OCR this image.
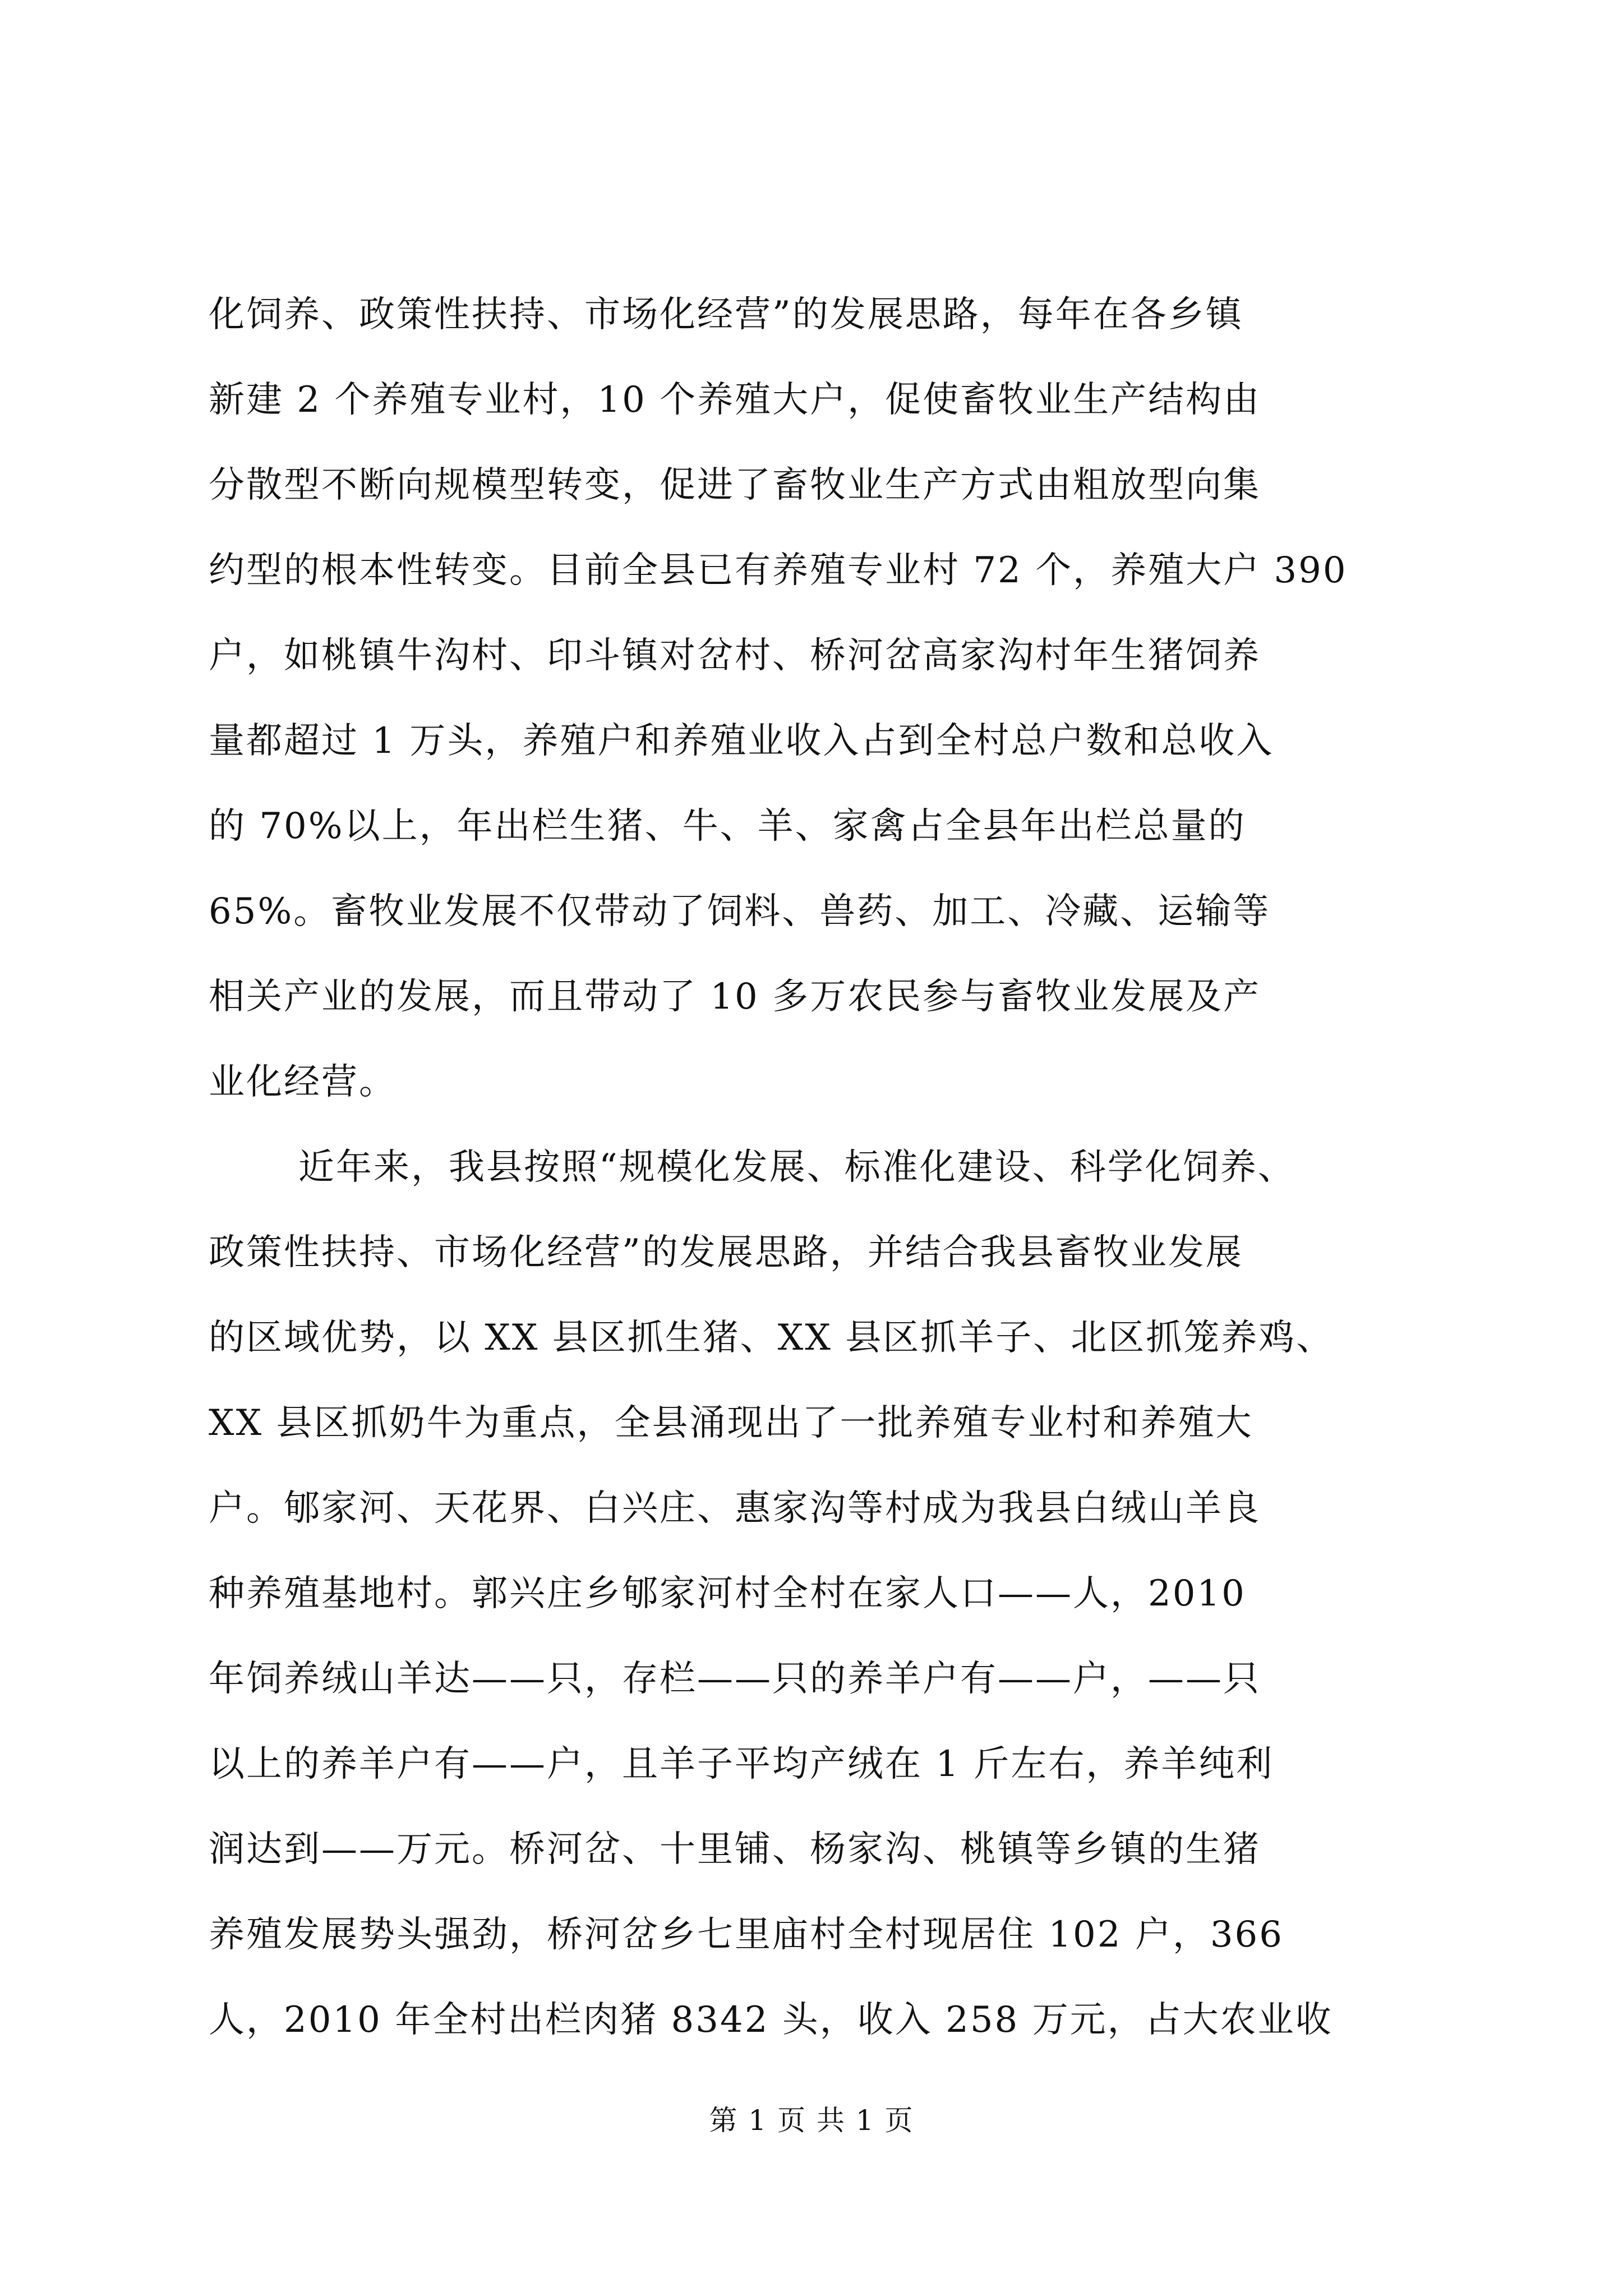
化饲养、政策性扶持、市场化经营”的发展思路，每年在各乡镇
新建 2 个养殖专业村，10 个养殖大户，促使畜牧业生产结构由
分散型不断向规模型转变，促进了畜牧业生产方式由粗放型向集
约型的根本性转变。目前全县已有养殖专业村 72 个，养殖大户 390
户，如桃镇牛沟村、印斗镇对岔村、桥河岔高家沟村年生猪饲养
量都超过 1 万头，养殖户和养殖业收入占到全村总户数和总收入
的 70%以上，年出栏生猪、牛、羊、家禽占全县年出栏总量的
65%。畜牧业发展不仅带动了饲料、兽药、加工、冷藏、运输等
相关产业的发展，而且带动了 10 多万农民参与畜牧业发展及产
业化经营。
近年来，我县按照“规模化发展、标准化建设、科学化饲养、
政策性扶持、市场化经营”的发展思路，并结合我县畜牧业发展
的区域优势，以 XX 县区抓生猪、XX 县区抓羊子、北区抓笼养鸡、
XX 县区抓奶牛为重点，全县涌现出了一批养殖专业村和养殖大
户。郇家河、天花界、白兴庄、惠家沟等村成为我县白绒山羊良
种养殖基地村。郭兴庄乡郇家河村全村在家人口——人，2010
年饲养绒山羊达——只，存栏——只的养羊户有——户，——只
以上的养羊户有——户，且羊子平均产绒在 1 斤左右，养羊纯利
润达到——万元。桥河岔、十里铺、杨家沟、桃镇等乡镇的生猪
养殖发展势头强劲，桥河岔乡七里庙村全村现居住 102 户，366
人，2010 年全村出栏肉猪 8342 头，收入 258 万元，占大农业收
第 1 页 共 1 页
